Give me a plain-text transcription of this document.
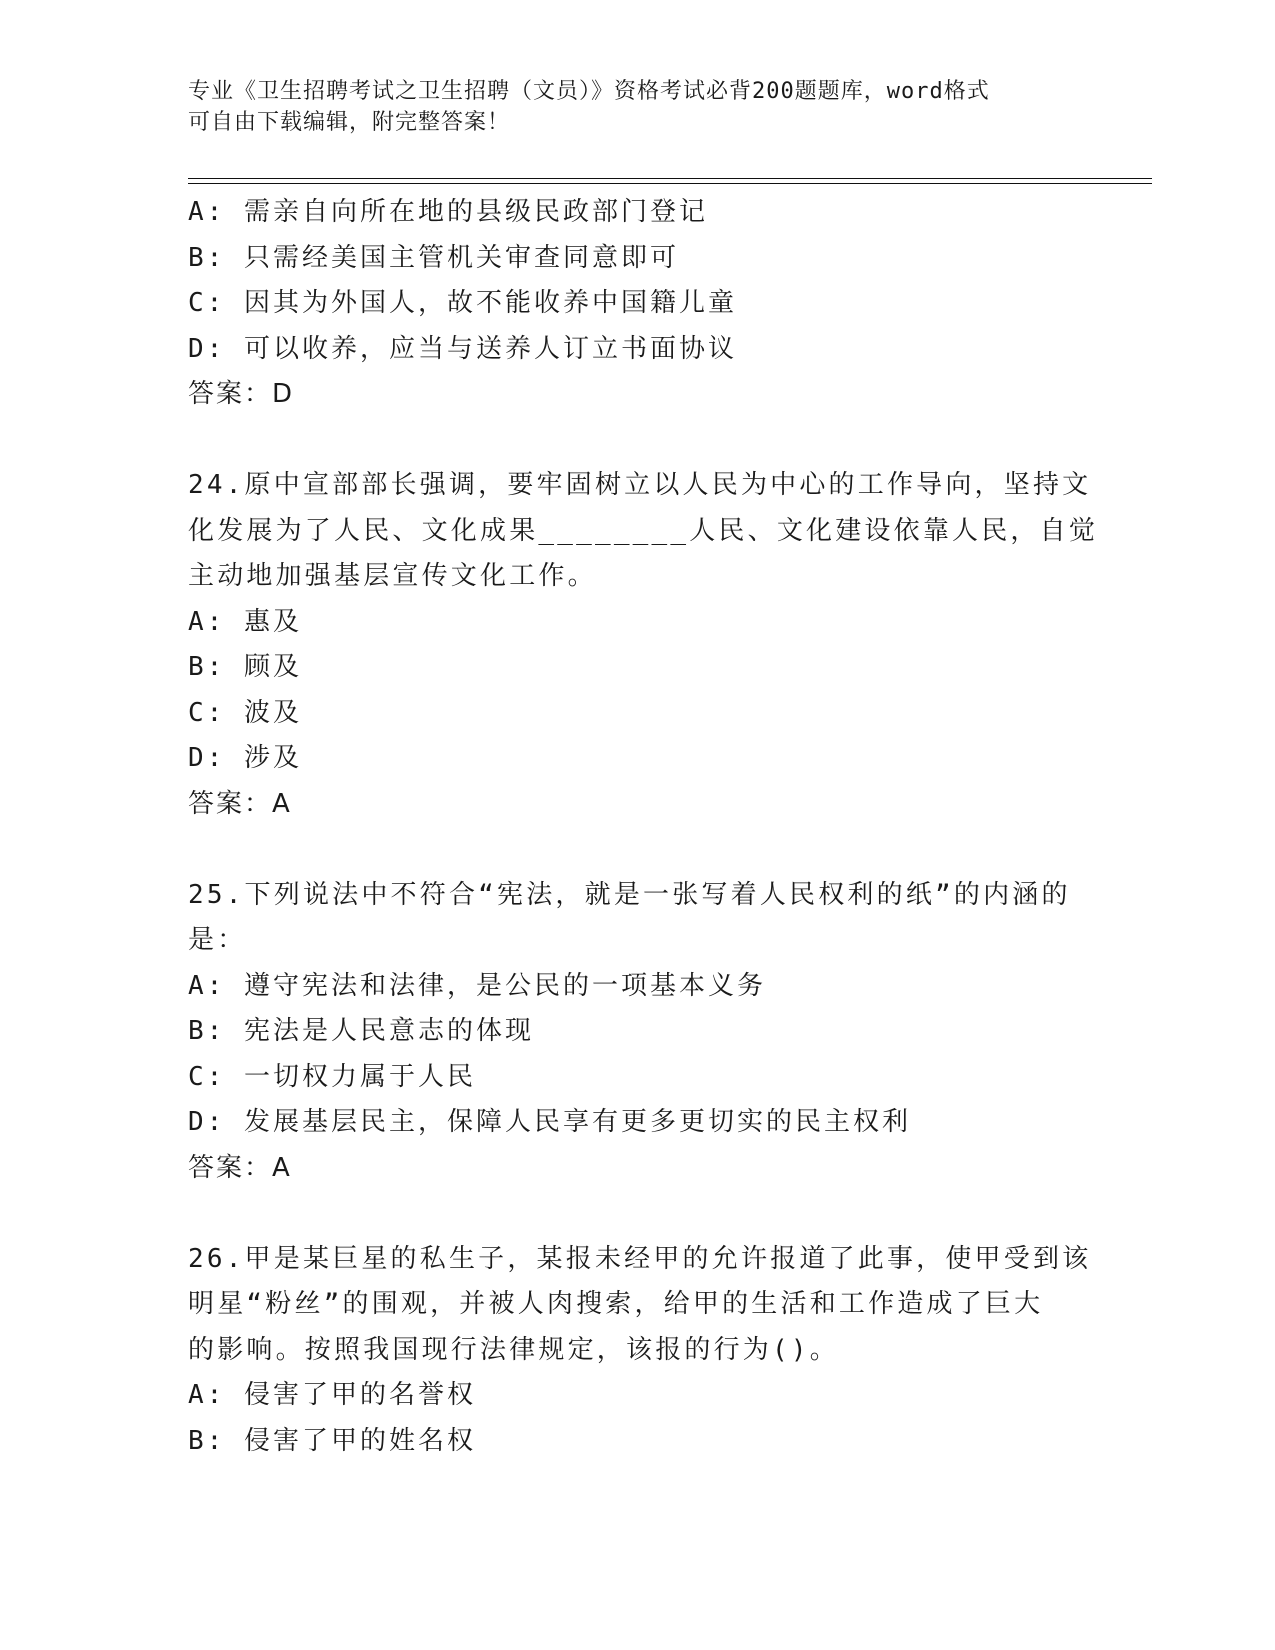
专业《卫生招聘考试之卫生招聘（文员）》资格考试必背200题题库，word格式
可自由下载编辑，附完整答案！
A: 需亲自向所在地的县级民政部门登记
B: 只需经美国主管机关审查同意即可
C: 因其为外国人，故不能收养中国籍儿童
D: 可以收养，应当与送养人订立书面协议
答案：D
24.原中宣部部长强调，要牢固树立以人民为中心的工作导向，坚持文
化发展为了人民、文化成果________人民、文化建设依靠人民，自觉
主动地加强基层宣传文化工作。
A: 惠及
B: 顾及
C: 波及
D: 涉及
答案：A
25.下列说法中不符合“宪法，就是一张写着人民权利的纸”的内涵的
是：
A: 遵守宪法和法律，是公民的一项基本义务
B: 宪法是人民意志的体现
C: 一切权力属于人民
D: 发展基层民主，保障人民享有更多更切实的民主权利
答案：A
26.甲是某巨星的私生子，某报未经甲的允许报道了此事，使甲受到该
明星“粉丝”的围观，并被人肉搜索，给甲的生活和工作造成了巨大
的影响。按照我国现行法律规定，该报的行为()。
A: 侵害了甲的名誉权
B: 侵害了甲的姓名权
